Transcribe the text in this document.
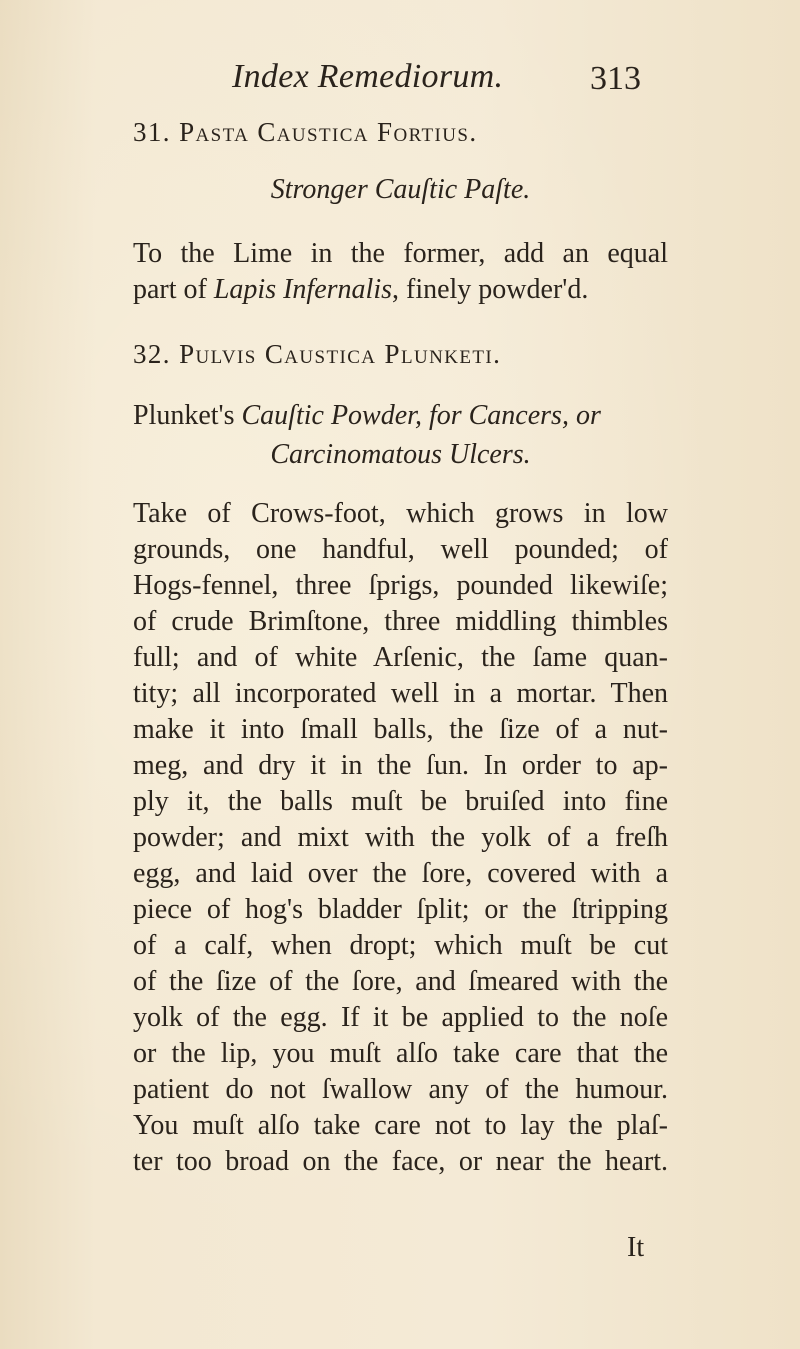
Index Remediorum.	313

31. Pasta Caustica Fortius.

Stronger Cauſtic Paſte.

To the Lime in the former, add an equal
part of Lapis Infernalis, finely powder'd.

32. Pulvis Caustica Plunketi.

Plunket's Cauſtic Powder, for Cancers, or

Carcinomatous Ulcers.

Take of Crows-foot, which grows in low
grounds, one handful, well pounded; of
Hogs-fennel, three ſprigs, pounded likewiſe;
of crude Brimſtone, three middling thimbles
full; and of white Arſenic, the ſame quan-
tity; all incorporated well in a mortar. Then
make it into ſmall balls, the ſize of a nut-
meg, and dry it in the ſun. In order to ap-
ply it, the balls muſt be bruiſed into fine
powder; and mixt with the yolk of a freſh
egg, and laid over the ſore, covered with a
piece of hog's bladder ſplit; or the ſtripping
of a calf, when dropt; which muſt be cut
of the ſize of the ſore, and ſmeared with the
yolk of the egg. If it be applied to the noſe
or the lip, you muſt alſo take care that the
patient do not ſwallow any of the humour.
You muſt alſo take care not to lay the plaſ-
ter too broad on the face, or near the heart.
It
